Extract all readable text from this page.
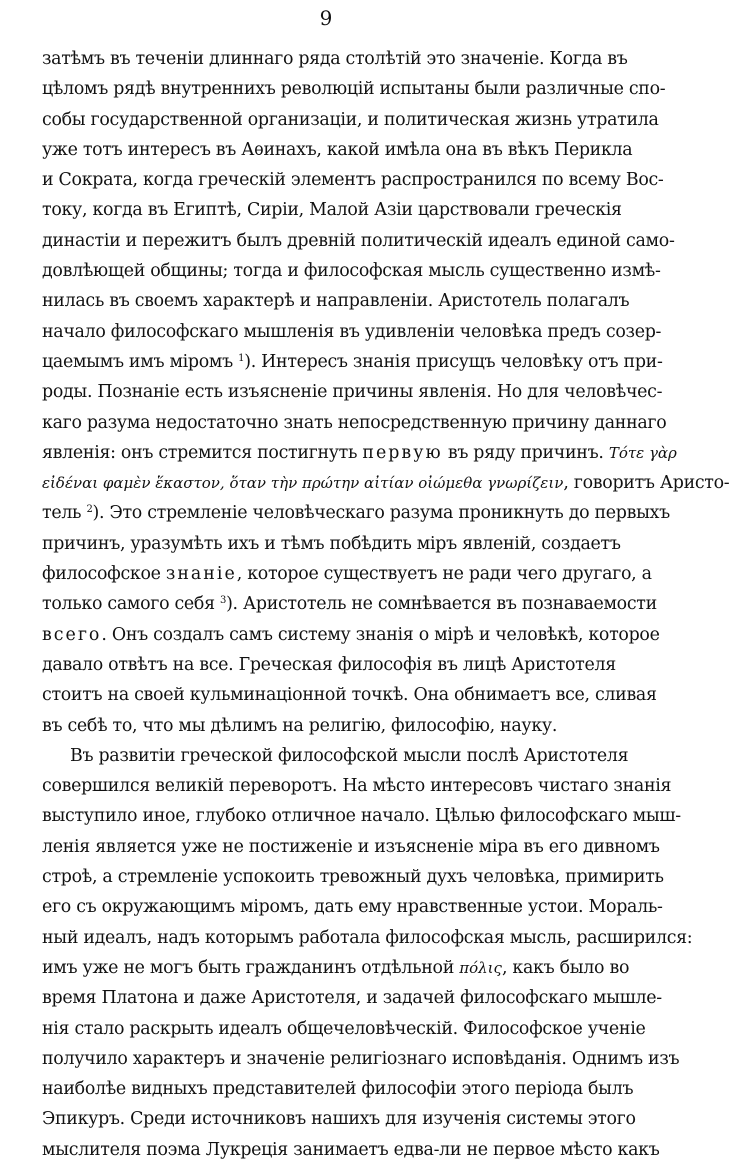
9
затѣмъ въ теченіи длиннаго ряда столѣтій это значеніе. Когда въ
цѣломъ рядѣ внутреннихъ революцій испытаны были различные спо-
собы государственной организаціи, и политическая жизнь утратила
уже тотъ интересъ въ Аѳинахъ, какой имѣла она въ вѣкъ Перикла
и Сократа, когда греческій элементъ распространился по всему Вос-
току, когда въ Египтѣ, Сиріи, Малой Азіи царствовали греческія
династіи и пережитъ былъ древній политическій идеалъ единой само-
довлѣющей общины; тогда и философская мысль существенно измѣ-
нилась въ своемъ характерѣ и направленіи. Аристотель полагалъ
начало философскаго мышленія въ удивленіи человѣка предъ созер-
цаемымъ имъ міромъ $^1$). Интересъ знанія присущъ человѣку отъ при-
роды. Познаніе есть изъясненіе причины явленія. Но для человѣчес-
каго разума недостаточно знать непосредственную причину даннаго
явленія: онъ стремится постигнуть первую въ ряду причинъ. Τότε γὰρ
εἰδέναι φαμὲν ἕκαστον, ὅταν τὴν πρώτην αἰτίαν οἰώμεθα γνωρίζειν, говоритъ Аристо-
тель $^2$). Это стремленіе человѣческаго разума проникнуть до первыхъ
причинъ, уразумѣть ихъ и тѣмъ побѣдить міръ явленій, создаетъ
философское знаніе, которое существуетъ не ради чего другаго, а
только самого себя $^3$). Аристотель не сомнѣвается въ познаваемости
всего. Онъ создалъ самъ систему знанія о мірѣ и человѣкѣ, которое
давало отвѣтъ на все. Греческая философія въ лицѣ Аристотеля
стоитъ на своей кульминаціонной точкѣ. Она обнимаетъ все, сливая
въ себѣ то, что мы дѣлимъ на религію, философію, науку.
Въ развитіи греческой философской мысли послѣ Аристотеля
совершился великій переворотъ. На мѣсто интересовъ чистаго знанія
выступило иное, глубоко отличное начало. Цѣлью философскаго мыш-
ленія является уже не постиженіе и изъясненіе міра въ его дивномъ
строѣ, а стремленіе успокоить тревожный духъ человѣка, примирить
его съ окружающимъ міромъ, дать ему нравственные устои. Мораль-
ный идеалъ, надъ которымъ работала философская мысль, расширился:
имъ уже не могъ быть гражданинъ отдѣльной πόλις, какъ было во
время Платона и даже Аристотеля, и задачей философскаго мышле-
нія стало раскрыть идеалъ общечеловѣческій. Философское ученіе
получило характеръ и значеніе религіознаго исповѣданія. Однимъ изъ
наиболѣе видныхъ представителей философіи этого періода былъ
Эпикуръ. Среди источниковъ нашихъ для изученія системы этого
мыслителя поэма Лукреція занимаетъ едва-ли не первое мѣсто какъ
